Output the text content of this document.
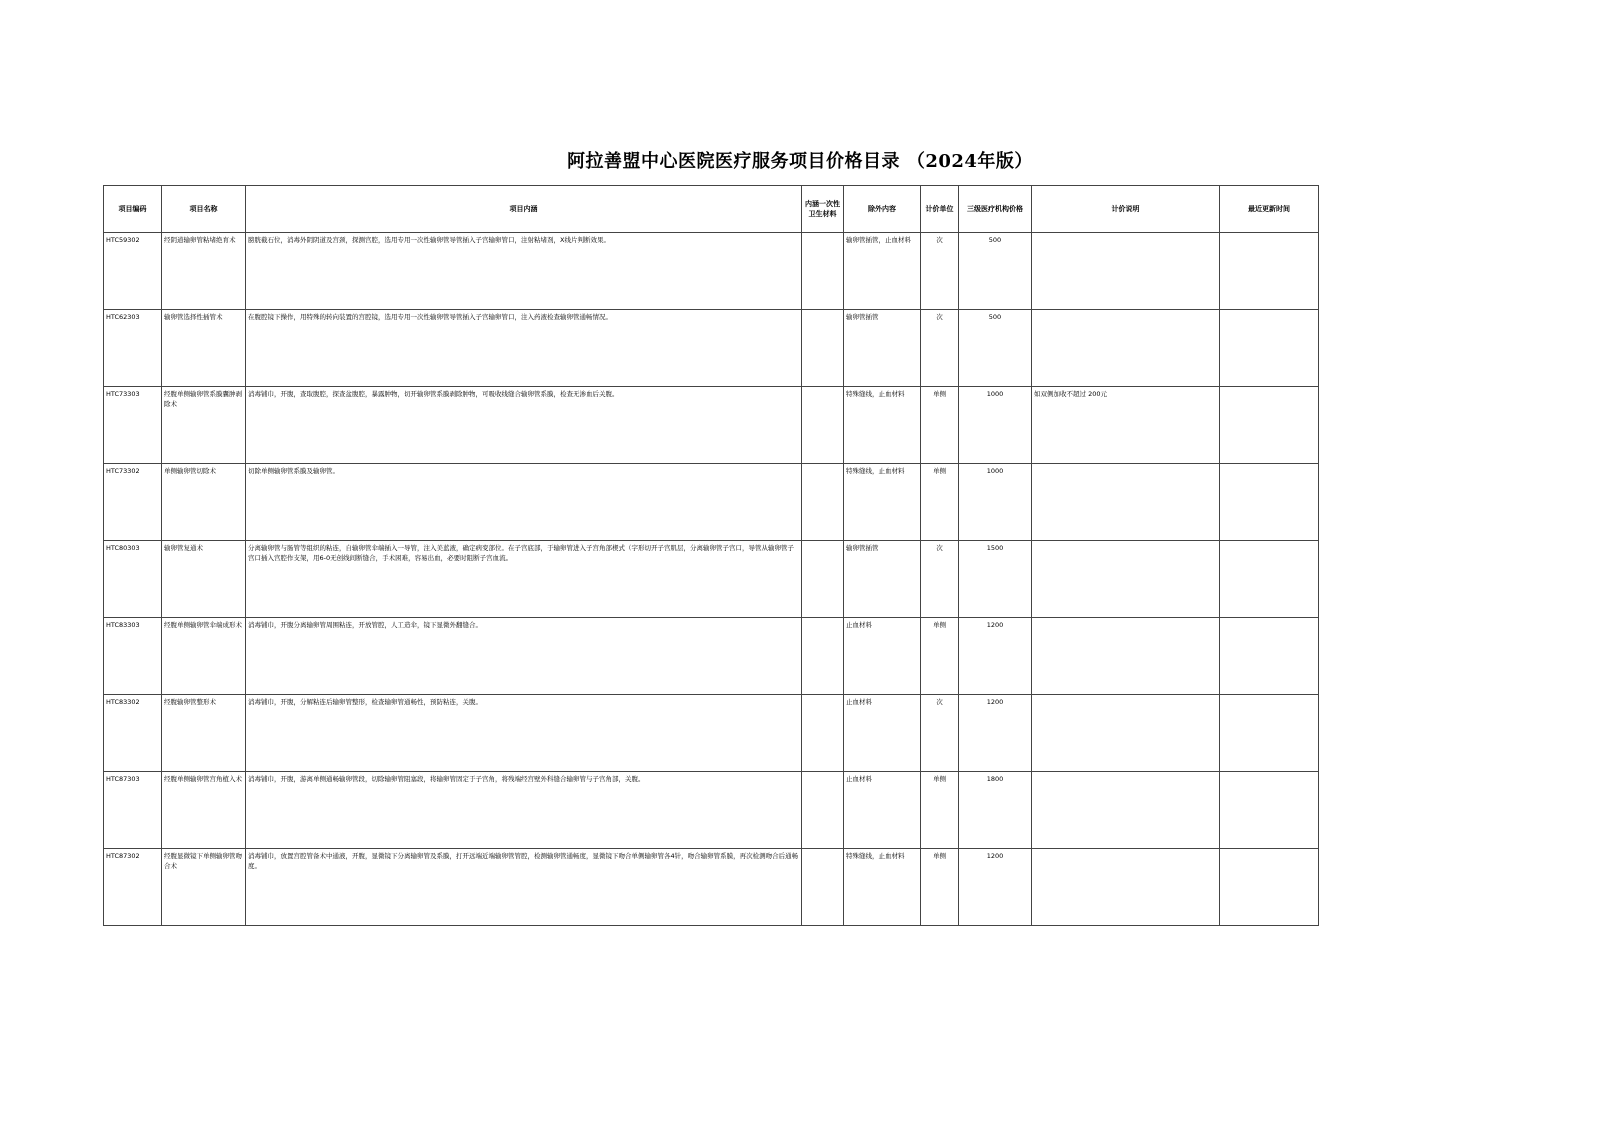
阿拉善盟中心医院医疗服务项目价格目录 （2024年版）
项目编码	项目名称	项目内涵	内涵一次性卫生材料	除外内容	计价单位	三级医疗机构价格	计价说明	最近更新时间
HTC59302	经阴道输卵管粘堵绝育术	膀胱截石位，消毒外阴阴道及宫颈，探测宫腔，选用专用一次性输卵管导管插入子宫输卵管口，注射粘堵剂，X线片判断效果。		输卵管插管，止血材料	次	500		
HTC62303	输卵管选择性插管术	在腹腔镜下操作，用特殊的转向装置的宫腔镜，选用专用一次性输卵管导管插入子宫输卵管口，注入药液检查输卵管通畅情况。		输卵管插管	次	500		
HTC73303	经腹单侧输卵管系膜囊肿剥除术	消毒铺巾，开腹，查取腹腔，探查盆腹腔，暴露肿物，切开输卵管系膜剥除肿物，可吸收线缝合输卵管系膜，检查无渗血后关腹。		特殊缝线，止血材料	单侧	1000	如双侧加收不超过 200元	
HTC73302	单侧输卵管切除术	切除单侧输卵管系膜及输卵管。		特殊缝线，止血材料	单侧	1000		
HTC80303	输卵管复通术	分离输卵管与肠管等组织的粘连，自输卵管伞端插入一导管，注入美蓝液，确定病变部位。在子宫底部，于输卵管进入子宫角部楔式（字形切开子宫肌层，分离输卵管子宫口，导管从输卵管子宫口插入宫腔作支架，用6-0无创线间断缝合，手术困难，容易出血，必要时阻断子宫血流。		输卵管插管	次	1500		
HTC83303	经腹单侧输卵管伞端成形术	消毒铺巾，开腹分离输卵管周围粘连，开放管腔，人工造伞，镜下显微外翻缝合。		止血材料	单侧	1200		
HTC83302	经腹输卵管整形术	消毒铺巾，开腹，分解粘连后输卵管整形，检查输卵管通畅性，预防粘连，关腹。		止血材料	次	1200		
HTC87303	经腹单侧输卵管宫角植入术	消毒铺巾，开腹，游离单侧通畅输卵管段，切除输卵管阻塞段，将输卵管固定于子宫角，将残端经宫壁外科缝合输卵管与子宫角部，关腹。		止血材料	单侧	1800		
HTC87302	经腹显微镜下单侧输卵管吻合术	消毒铺巾，放置宫腔管备术中通液，开腹，显微镜下分离输卵管及系膜，打开远端近端输卵管管腔，检测输卵管通畅度，显微镜下吻合单侧输卵管各4针，吻合输卵管系膜，再次检测吻合后通畅度。		特殊缝线，止血材料	单侧	1200		
